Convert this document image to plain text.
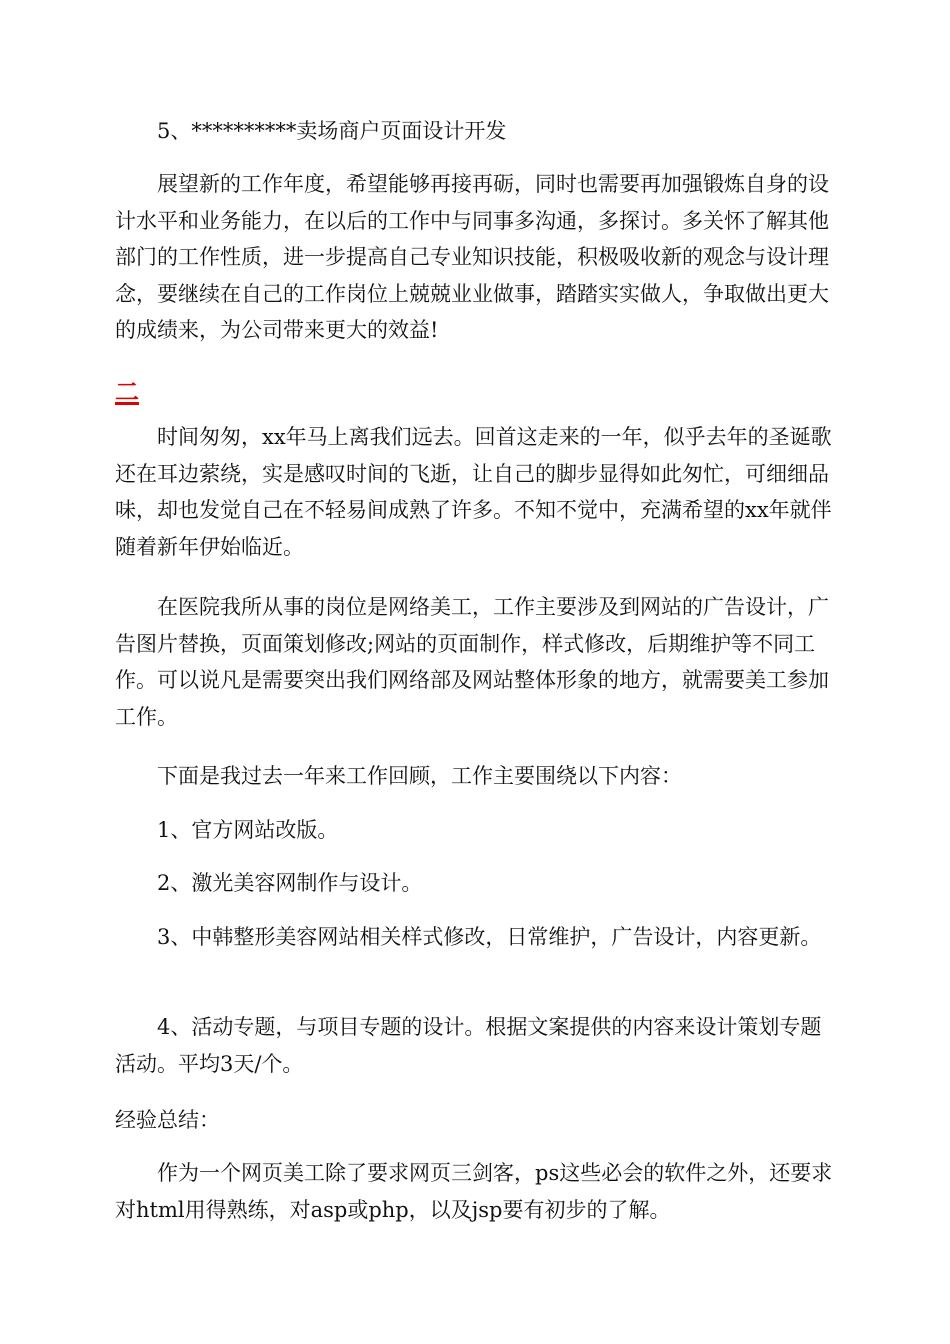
5、**********卖场商户页面设计开发

展望新的工作年度，希望能够再接再砺，同时也需要再加强锻炼自身的设计水平和业务能力，在以后的工作中与同事多沟通，多探讨。多关怀了解其他部门的工作性质，进一步提高自己专业知识技能，积极吸收新的观念与设计理念，要继续在自己的工作岗位上兢兢业业做事，踏踏实实做人，争取做出更大的成绩来，为公司带来更大的效益!

二

时间匆匆，xx年马上离我们远去。回首这走来的一年，似乎去年的圣诞歌还在耳边萦绕，实是感叹时间的飞逝，让自己的脚步显得如此匆忙，可细细品味，却也发觉自己在不轻易间成熟了许多。不知不觉中，充满希望的xx年就伴随着新年伊始临近。

在医院我所从事的岗位是网络美工，工作主要涉及到网站的广告设计，广告图片替换，页面策划修改;网站的页面制作，样式修改，后期维护等不同工作。可以说凡是需要突出我们网络部及网站整体形象的地方，就需要美工参加工作。

下面是我过去一年来工作回顾，工作主要围绕以下内容：

1、官方网站改版。

2、激光美容网制作与设计。

3、中韩整形美容网站相关样式修改，日常维护，广告设计，内容更新。

4、活动专题，与项目专题的设计。根据文案提供的内容来设计策划专题活动。平均3天/个。

经验总结：

作为一个网页美工除了要求网页三剑客，ps这些必会的软件之外，还要求对html用得熟练，对asp或php，以及jsp要有初步的了解。
